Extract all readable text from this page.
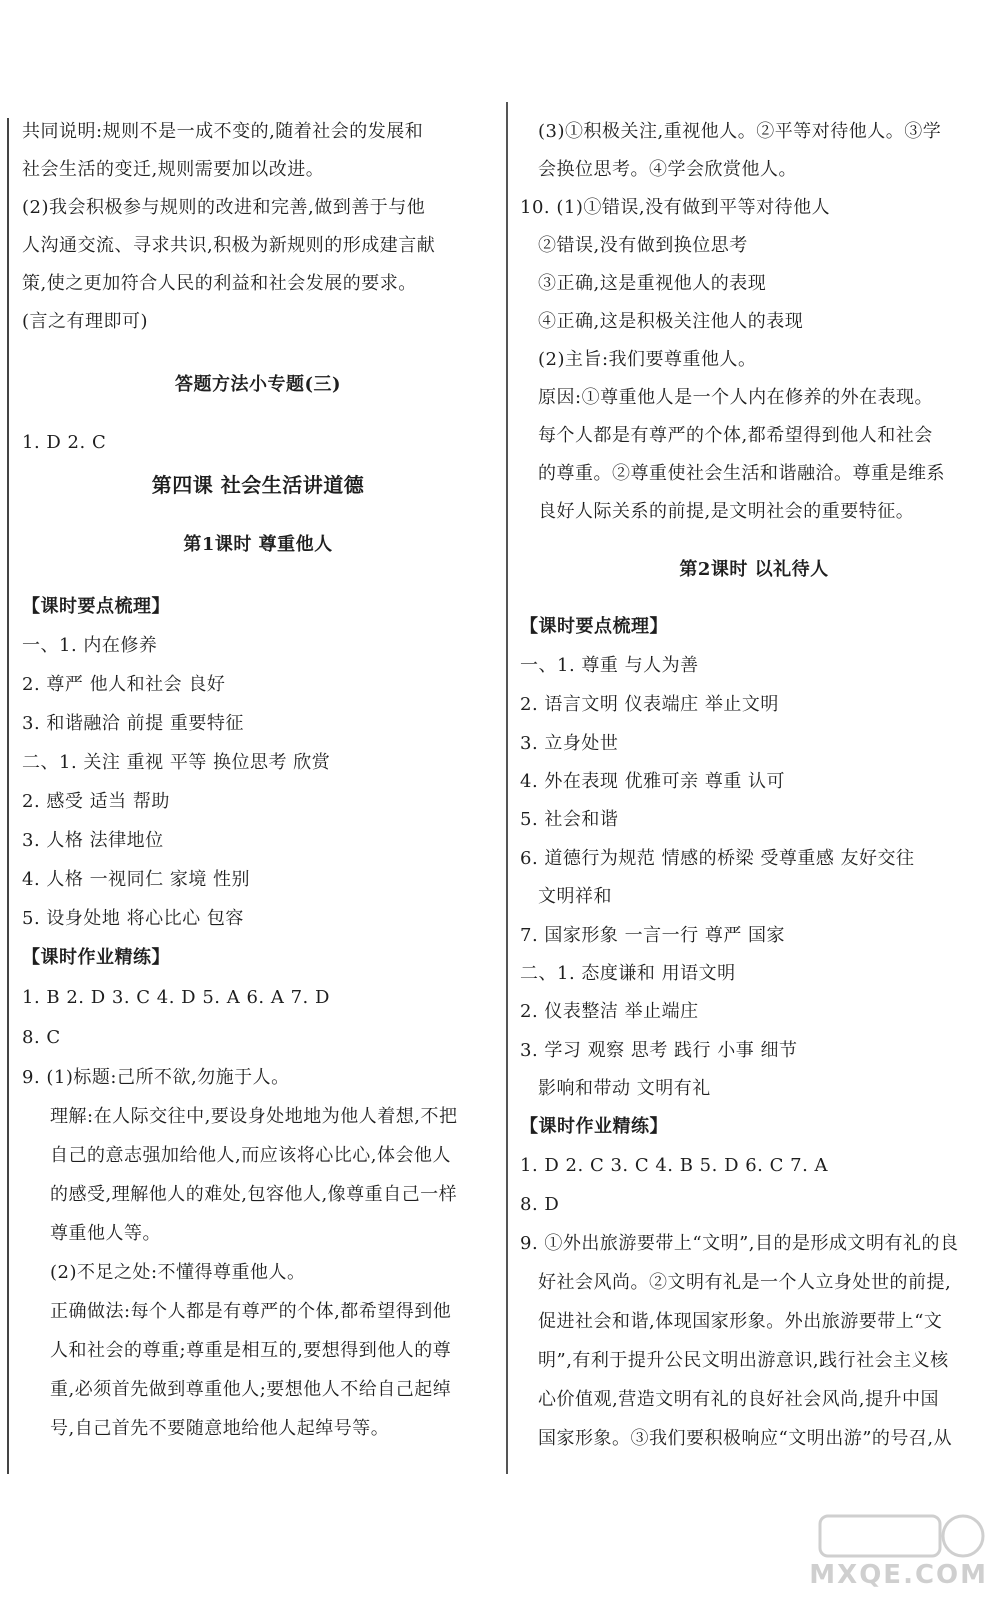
共同说明:规则不是一成不变的,随着社会的发展和
社会生活的变迁,规则需要加以改进。
(2)我会积极参与规则的改进和完善,做到善于与他
人沟通交流、寻求共识,积极为新规则的形成建言献
策,使之更加符合人民的利益和社会发展的要求。
(言之有理即可)
答题方法小专题(三)
1. D 2. C
第四课 社会生活讲道德
第1课时 尊重他人
【课时要点梳理】
一、1. 内在修养
2. 尊严 他人和社会 良好
3. 和谐融洽 前提 重要特征
二、1. 关注 重视 平等 换位思考 欣赏
2. 感受 适当 帮助
3. 人格 法律地位
4. 人格 一视同仁 家境 性别
5. 设身处地 将心比心 包容
【课时作业精练】
1. B 2. D 3. C 4. D 5. A 6. A 7. D
8. C
9. (1)标题:己所不欲,勿施于人。
理解:在人际交往中,要设身处地地为他人着想,不把
自己的意志强加给他人,而应该将心比心,体会他人
的感受,理解他人的难处,包容他人,像尊重自己一样
尊重他人等。
(2)不足之处:不懂得尊重他人。
正确做法:每个人都是有尊严的个体,都希望得到他
人和社会的尊重;尊重是相互的,要想得到他人的尊
重,必须首先做到尊重他人;要想他人不给自己起绰
号,自己首先不要随意地给他人起绰号等。
(3)①积极关注,重视他人。②平等对待他人。③学
会换位思考。④学会欣赏他人。
10. (1)①错误,没有做到平等对待他人
②错误,没有做到换位思考
③正确,这是重视他人的表现
④正确,这是积极关注他人的表现
(2)主旨:我们要尊重他人。
原因:①尊重他人是一个人内在修养的外在表现。
每个人都是有尊严的个体,都希望得到他人和社会
的尊重。②尊重使社会生活和谐融洽。尊重是维系
良好人际关系的前提,是文明社会的重要特征。
第2课时 以礼待人
【课时要点梳理】
一、1. 尊重 与人为善
2. 语言文明 仪表端庄 举止文明
3. 立身处世
4. 外在表现 优雅可亲 尊重 认可
5. 社会和谐
6. 道德行为规范 情感的桥梁 受尊重感 友好交往
文明祥和
7. 国家形象 一言一行 尊严 国家
二、1. 态度谦和 用语文明
2. 仪表整洁 举止端庄
3. 学习 观察 思考 践行 小事 细节
影响和带动 文明有礼
【课时作业精练】
1. D 2. C 3. C 4. B 5. D 6. C 7. A
8. D
9. ①外出旅游要带上“文明”,目的是形成文明有礼的良
好社会风尚。②文明有礼是一个人立身处世的前提,
促进社会和谐,体现国家形象。外出旅游要带上“文
明”,有利于提升公民文明出游意识,践行社会主义核
心价值观,营造文明有礼的良好社会风尚,提升中国
国家形象。③我们要积极响应“文明出游”的号召,从
MXQE.COM
